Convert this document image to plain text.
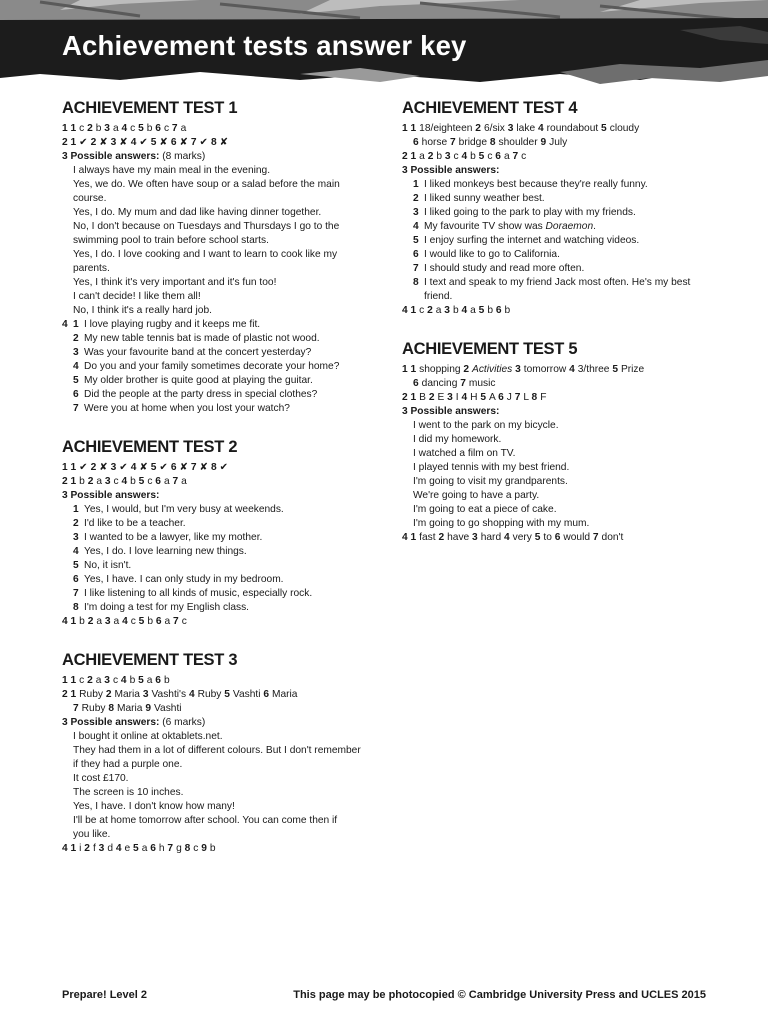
Achievement tests answer key
ACHIEVEMENT TEST 1
1 1 c 2 b 3 a 4 c 5 b 6 c 7 a
2 1 ✔ 2 ✘ 3 ✘ 4 ✔ 5 ✘ 6 ✘ 7 ✔ 8 ✘
3 Possible answers: (8 marks)
I always have my main meal in the evening.
Yes, we do. We often have soup or a salad before the main
course.
Yes, I do. My mum and dad like having dinner together.
No, I don't because on Tuesdays and Thursdays I go to the
swimming pool to train before school starts.
Yes, I do. I love cooking and I want to learn to cook like my
parents.
Yes, I think it's very important and it's fun too!
I can't decide! I like them all!
No, I think it's a really hard job.
4 1 I love playing rugby and it keeps me fit.
2 My new table tennis bat is made of plastic not wood.
3 Was your favourite band at the concert yesterday?
4 Do you and your family sometimes decorate your home?
5 My older brother is quite good at playing the guitar.
6 Did the people at the party dress in special clothes?
7 Were you at home when you lost your watch?
ACHIEVEMENT TEST 2
1 1 ✔ 2 ✘ 3 ✔ 4 ✘ 5 ✔ 6 ✘ 7 ✘ 8 ✔
2 1 b 2 a 3 c 4 b 5 c 6 a 7 a
3 Possible answers:
1 Yes, I would, but I'm very busy at weekends.
2 I'd like to be a teacher.
3 I wanted to be a lawyer, like my mother.
4 Yes, I do. I love learning new things.
5 No, it isn't.
6 Yes, I have. I can only study in my bedroom.
7 I like listening to all kinds of music, especially rock.
8 I'm doing a test for my English class.
4 1 b 2 a 3 a 4 c 5 b 6 a 7 c
ACHIEVEMENT TEST 3
1 1 c 2 a 3 c 4 b 5 a 6 b
2 1 Ruby 2 Maria 3 Vashti's 4 Ruby 5 Vashti 6 Maria
7 Ruby 8 Maria 9 Vashti
3 Possible answers: (6 marks)
I bought it online at oktablets.net.
They had them in a lot of different colours. But I don't remember
if they had a purple one.
It cost £170.
The screen is 10 inches.
Yes, I have. I don't know how many!
I'll be at home tomorrow after school. You can come then if
you like.
4 1 i 2 f 3 d 4 e 5 a 6 h 7 g 8 c 9 b
ACHIEVEMENT TEST 4
1 1 18/eighteen 2 6/six 3 lake 4 roundabout 5 cloudy
6 horse 7 bridge 8 shoulder 9 July
2 1 a 2 b 3 c 4 b 5 c 6 a 7 c
3 Possible answers:
1 I liked monkeys best because they're really funny.
2 I liked sunny weather best.
3 I liked going to the park to play with my friends.
4 My favourite TV show was Doraemon.
5 I enjoy surfing the internet and watching videos.
6 I would like to go to California.
7 I should study and read more often.
8 I text and speak to my friend Jack most often. He's my best
friend.
4 1 c 2 a 3 b 4 a 5 b 6 b
ACHIEVEMENT TEST 5
1 1 shopping 2 Activities 3 tomorrow 4 3/three 5 Prize
6 dancing 7 music
2 1 B 2 E 3 I 4 H 5 A 6 J 7 L 8 F
3 Possible answers:
I went to the park on my bicycle.
I did my homework.
I watched a film on TV.
I played tennis with my best friend.
I'm going to visit my grandparents.
We're going to have a party.
I'm going to eat a piece of cake.
I'm going to go shopping with my mum.
4 1 fast 2 have 3 hard 4 very 5 to 6 would 7 don't
Prepare! Level 2	This page may be photocopied © Cambridge University Press and UCLES 2015
